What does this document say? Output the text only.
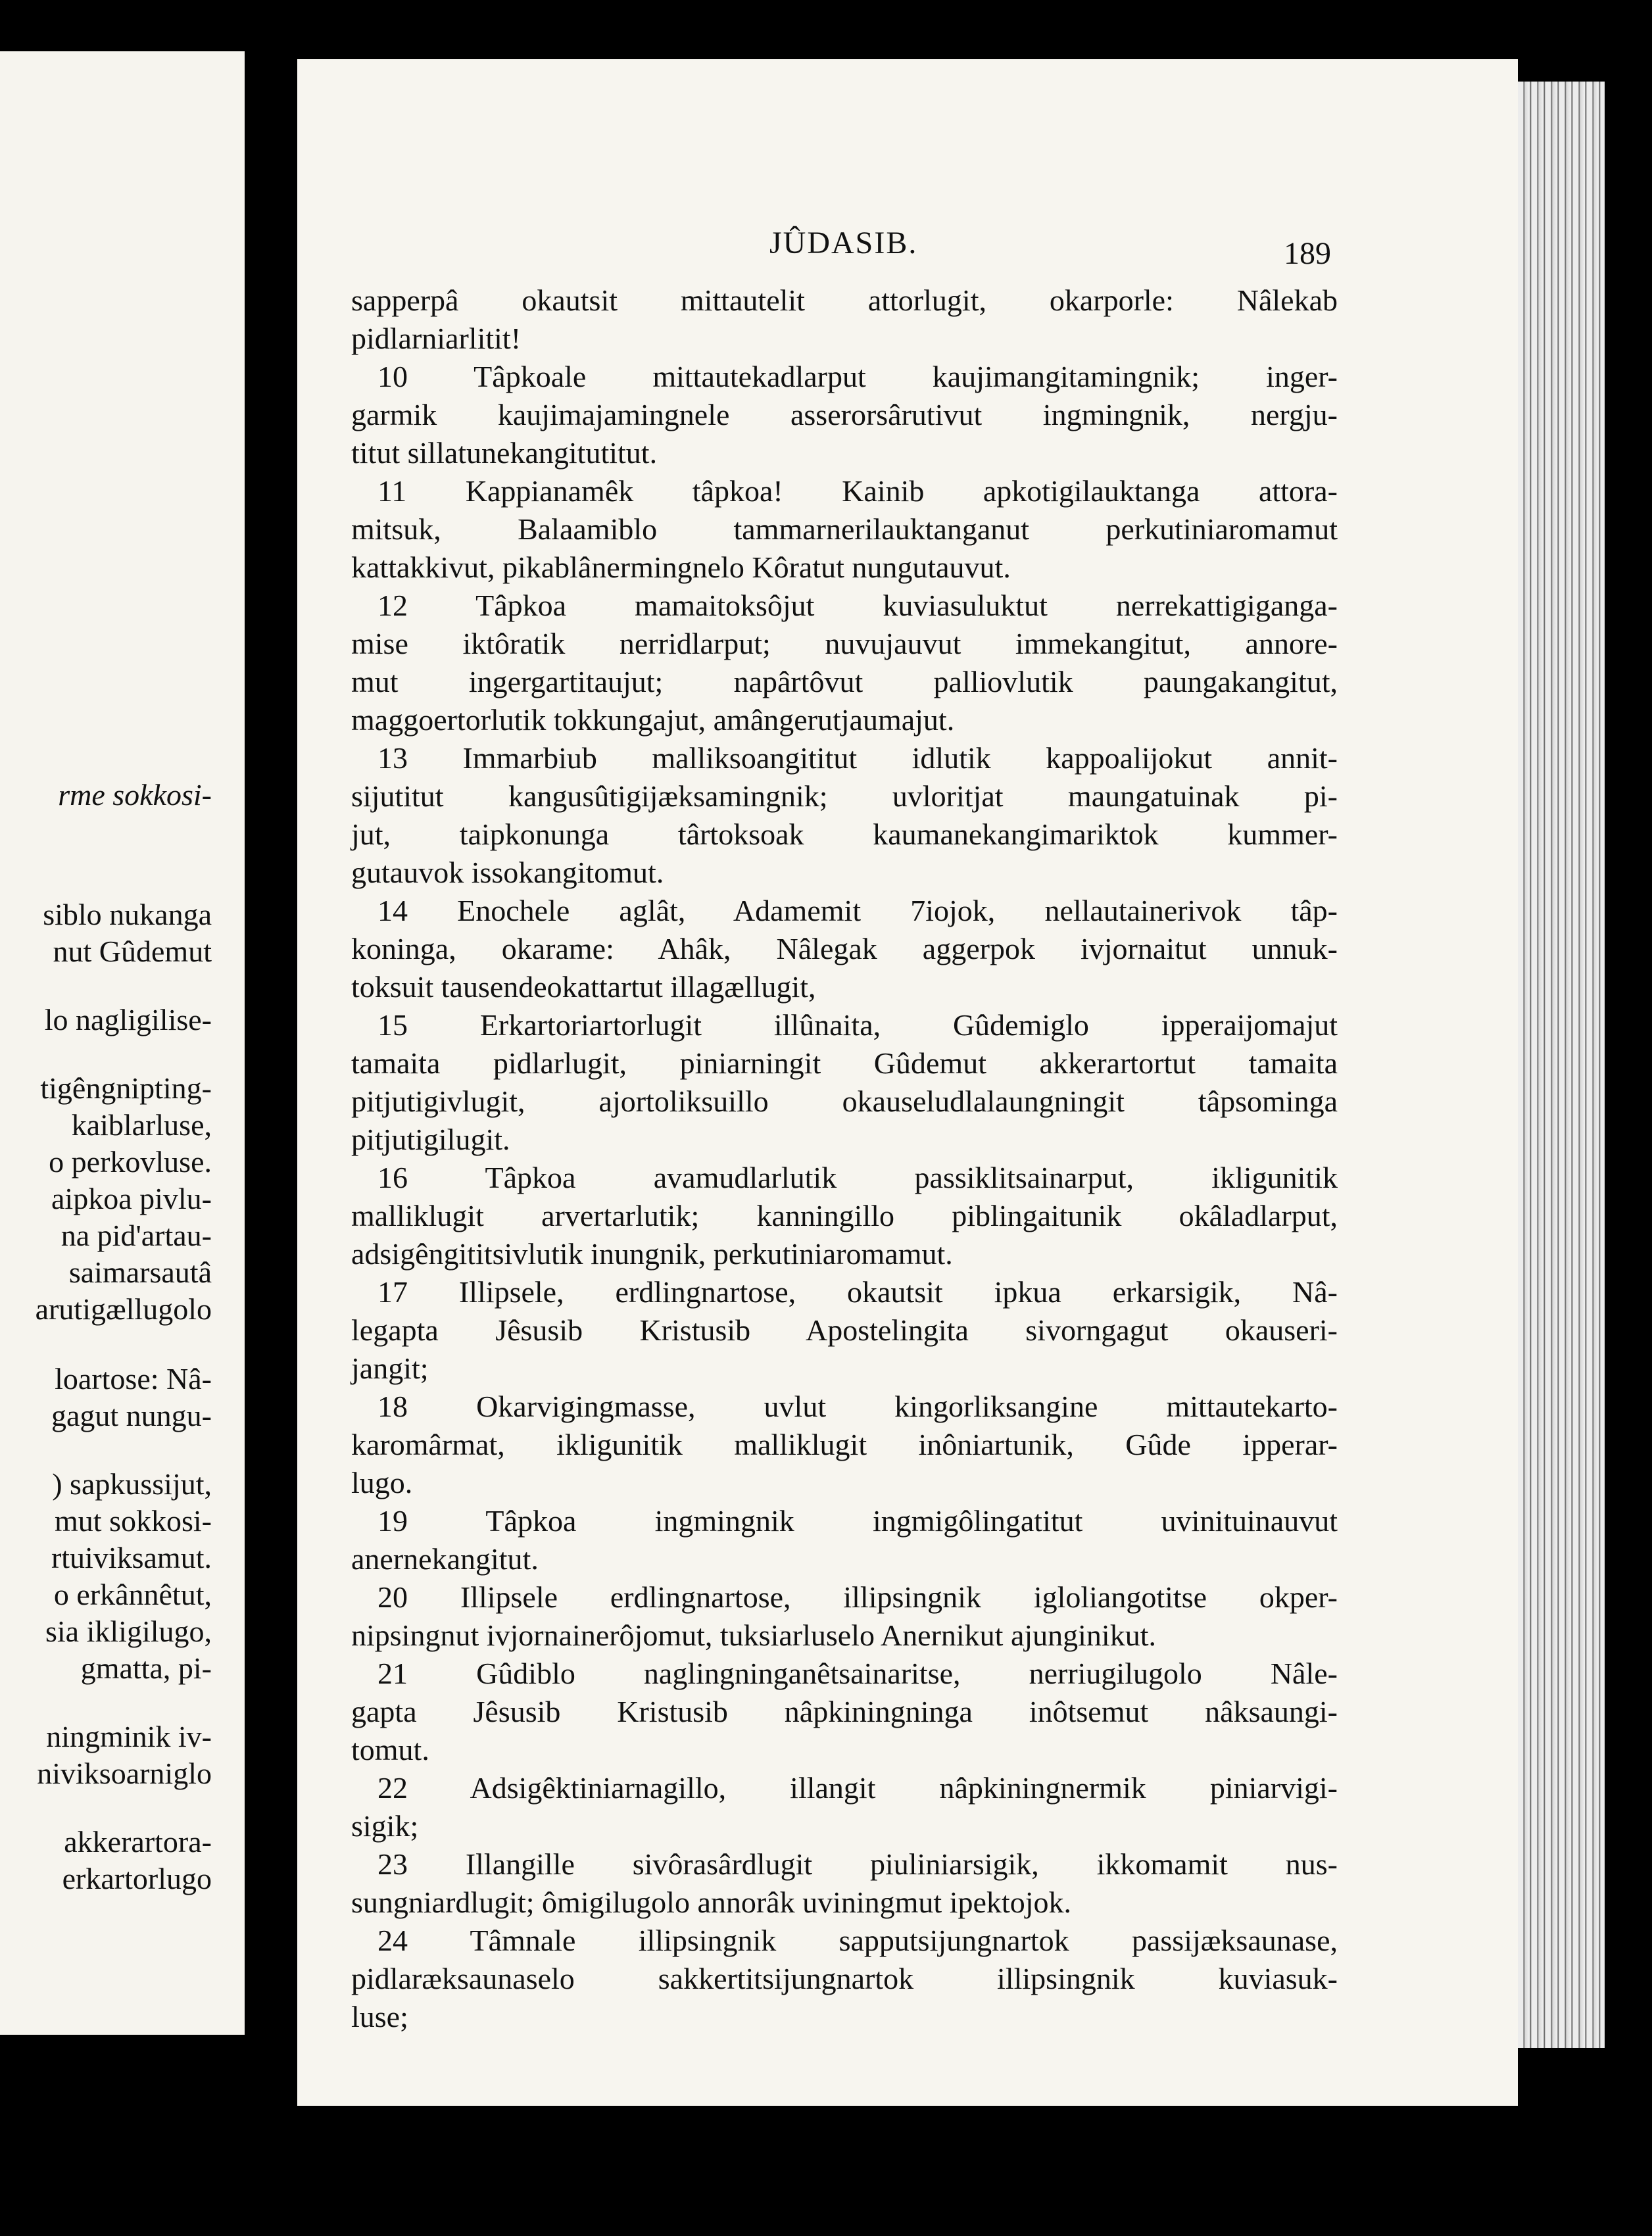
rme sokkosi-
siblo nukanga
nut Gûdemut
lo nagligilise-
tigêngnipting-
kaiblarluse,
o perkovluse.
aipkoa pivlu-
na pid'artau-
saimarsautâ
arutigællugolo
loartose: Nâ-
gagut nungu-
) sapkussijut,
mut sokkosi-
rtuiviksamut.
o erkânnêtut,
sia ikligilugo,
gmatta, pi-
ningminik iv-
niviksoarniglo
akkerartora-
erkartorlugo
JÛDASIB.	189
sapperpâ okautsit mittautelit attorlugit, okarporle: Nâlekab
pidlarniarlitit!
10 Tâpkoale mittautekadlarput kaujimangitamingnik; inger-
garmik kaujimajamingnele asserorsârutivut ingmingnik, nergju-
titut sillatunekangitutitut.
11 Kappianamêk tâpkoa! Kainib apkotigilauktanga attora-
mitsuk, Balaamiblo tammarnerilauktanganut perkutiniaromamut
kattakkivut, pikablânermingnelo Kôratut nungutauvut.
12 Tâpkoa mamaitoksôjut kuviasuluktut nerrekattigiganga-
mise iktôratik nerridlarput; nuvujauvut immekangitut, annore-
mut ingergartitaujut; napârtôvut palliovlutik paungakangitut,
maggoertorlutik tokkungajut, amângerutjaumajut.
13 Immarbiub malliksoangititut idlutik kappoalijokut annit-
sijutitut kangusûtigijæksamingnik; uvloritjat maungatuinak pi-
jut, taipkonunga târtoksoak kaumanekangimariktok kummer-
gutauvok issokangitomut.
14 Enochele aglât, Adamemit 7iojok, nellautainerivok tâp-
koninga, okarame: Ahâk, Nâlegak aggerpok ivjornaitut unnuk-
toksuit tausendeokattartut illagællugit,
15 Erkartoriartorlugit illûnaita, Gûdemiglo ipperaijomajut
tamaita pidlarlugit, piniarningit Gûdemut akkerartortut tamaita
pitjutigivlugit, ajortoliksuillo okauseludlalaungningit tâpsominga
pitjutigilugit.
16 Tâpkoa avamudlarlutik passiklitsainarput, ikligunitik
malliklugit arvertarlutik; kanningillo piblingaitunik okâladlarput,
adsigêngititsivlutik inungnik, perkutiniaromamut.
17 Illipsele, erdlingnartose, okautsit ipkua erkarsigik, Nâ-
legapta Jêsusib Kristusib Apostelingita sivorngagut okauseri-
jangit;
18 Okarvigingmasse, uvlut kingorliksangine mittautekarto-
karomârmat, ikligunitik malliklugit inôniartunik, Gûde ipperar-
lugo.
19 Tâpkoa ingmingnik ingmigôlingatitut uvinituinauvut
anernekangitut.
20 Illipsele erdlingnartose, illipsingnik igloliangotitse okper-
nipsingnut ivjornainerôjomut, tuksiarluselo Anernikut ajunginikut.
21 Gûdiblo naglingninganêtsainaritse, nerriugilugolo Nâle-
gapta Jêsusib Kristusib nâpkiningninga inôtsemut nâksaungi-
tomut.
22 Adsigêktiniarnagillo, illangit nâpkiningnermik piniarvigi-
sigik;
23 Illangille sivôrasârdlugit piuliniarsigik, ikkomamit nus-
sungniardlugit; ômigilugolo annorâk uviningmut ipektojok.
24 Tâmnale illipsingnik sapputsijungnartok passijæksaunase,
pidlaræksaunaselo sakkertitsijungnartok illipsingnik kuviasuk-
luse;
